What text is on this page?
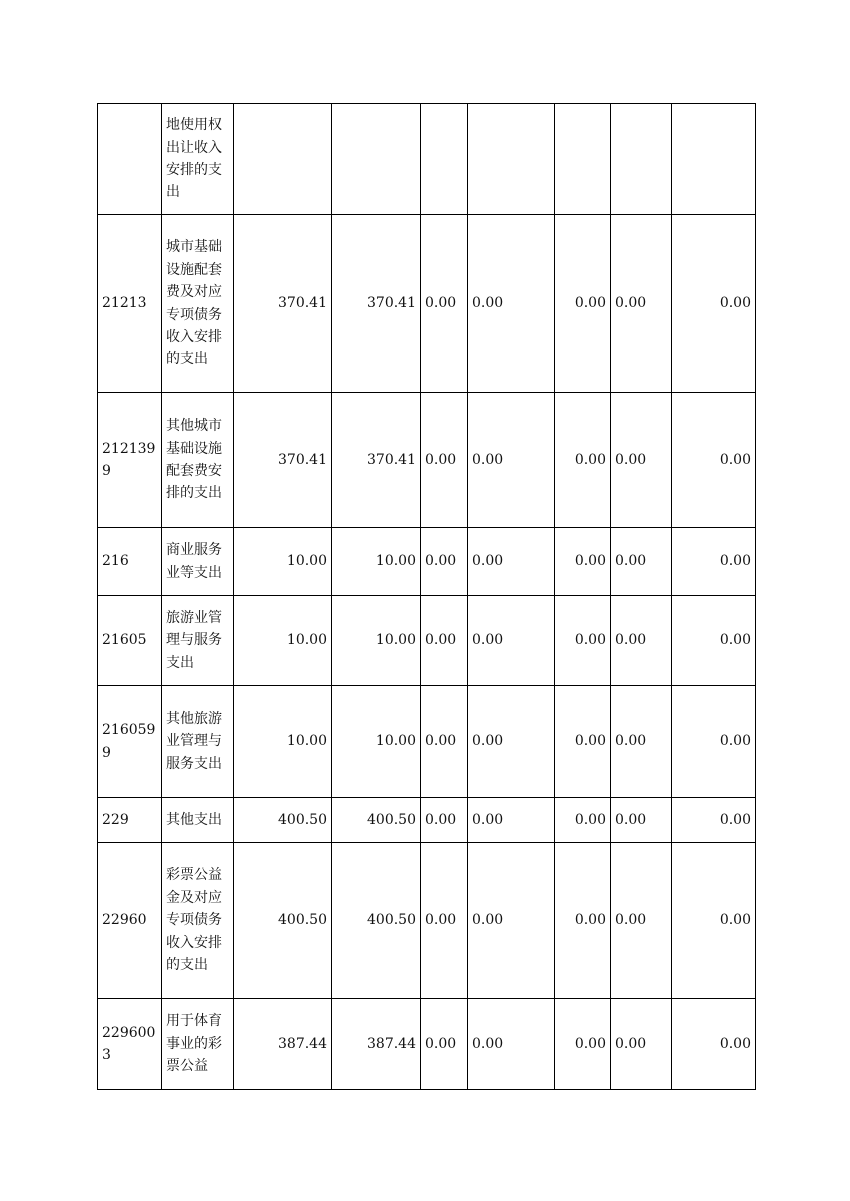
	地使用权出让收入安排的支出							
21213	城市基础设施配套费及对应专项债务收入安排的支出	370.41	370.41	0.00	0.00	0.00	0.00	0.00
2121399	其他城市基础设施配套费安排的支出	370.41	370.41	0.00	0.00	0.00	0.00	0.00
216	商业服务业等支出	10.00	10.00	0.00	0.00	0.00	0.00	0.00
21605	旅游业管理与服务支出	10.00	10.00	0.00	0.00	0.00	0.00	0.00
2160599	其他旅游业管理与服务支出	10.00	10.00	0.00	0.00	0.00	0.00	0.00
229	其他支出	400.50	400.50	0.00	0.00	0.00	0.00	0.00
22960	彩票公益金及对应专项债务收入安排的支出	400.50	400.50	0.00	0.00	0.00	0.00	0.00
2296003	用于体育事业的彩票公益	387.44	387.44	0.00	0.00	0.00	0.00	0.00
